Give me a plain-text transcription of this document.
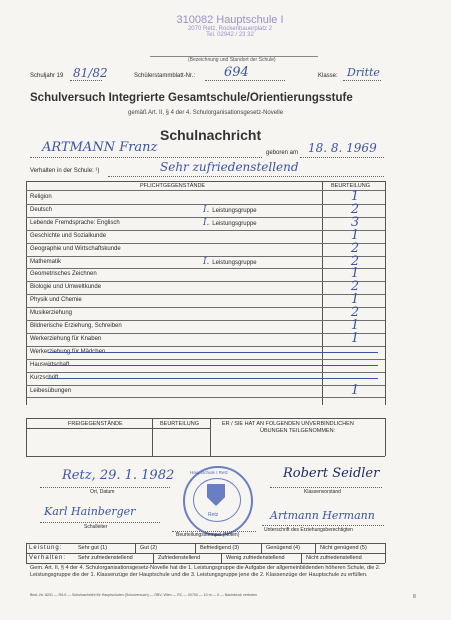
310082 Hauptschule I
2070 Retz, Rockenbauerplatz 2
Tel. 02942 / 23 32
(Bezeichnung und Standort der Schule)
Schuljahr 19 81/82	Schülerstammblatt-Nr.: 694	Klasse: Dritte
Schulversuch Integrierte Gesamtschule/Orientierungsstufe
gemäß Art. II, § 4 der 4. Schulorganisationsgesetz-Novelle
Schulnachricht
ARTMANN Franz	geboren am 18. 8. 1969
Verhalten in der Schule: ¹)	Sehr zufriedenstellend
PFLICHTGEGENSTÄNDE	BEURTEILUNG
Religion	1
Deutsch	I. Leistungsgruppe	2
Lebende Fremdsprache: Englisch	I. Leistungsgruppe	3
Geschichte und Sozialkunde	1
Geographie und Wirtschaftskunde	2
Mathematik	I. Leistungsgruppe	2
Geometrisches Zeichnen	1
Biologie und Umweltkunde	2
Physik und Chemie	1
Musikerziehung	2
Bildnerische Erziehung, Schreiben	1
Werkerziehung für Knaben	1
Werkerziehung für Mädchen
Hauswirtschaft
Kurzschrift
Leibesübungen	1
FREIGEGENSTÄNDE	BEURTEILUNG	ER / SIE HAT AN FOLGENDEN UNVERBINDLICHEN
ÜBUNGEN TEILGENOMMEN:
Retz, 29. 1. 1982
Ort, Datum
Robert Seidler
Klassenvorstand
Karl Hainberger
Schulleiter
Hauptschule I Retz
Retz
Beurteilungsstempel (Noten)
Artmann Hermann
Unterschrift des Erziehungsberechtigten
Leistung:
Verhalten:
Sehr gut (1)	Gut (2)	Befriedigend (3)	Genügend (4)	Nicht genügend (5)
Sehr zufriedenstellend	Zufriedenstellend	Wenig zufriedenstellend	Nicht zufriedenstellend
Gem. Art. II, § 4 der 4. Schulorganisationsgesetz-Novelle hat die 1. Leistungsgruppe die Aufgabe der allgemeinbildenden höheren Schule, die 2. Leistungsgruppe die der 1. Klassenzüge der Hauptschule und die 3. Leistungsgruppe jene die 2. Klassenzüge der Hauptschule zu erfüllen.
Best.-Nr. 8201 — RA 6 — Schulnachricht für Hauptschulen (Schulversuch) — ÖBV, Wien — RC — 00700 — 10 m — II — Nachdruck verboten	8
